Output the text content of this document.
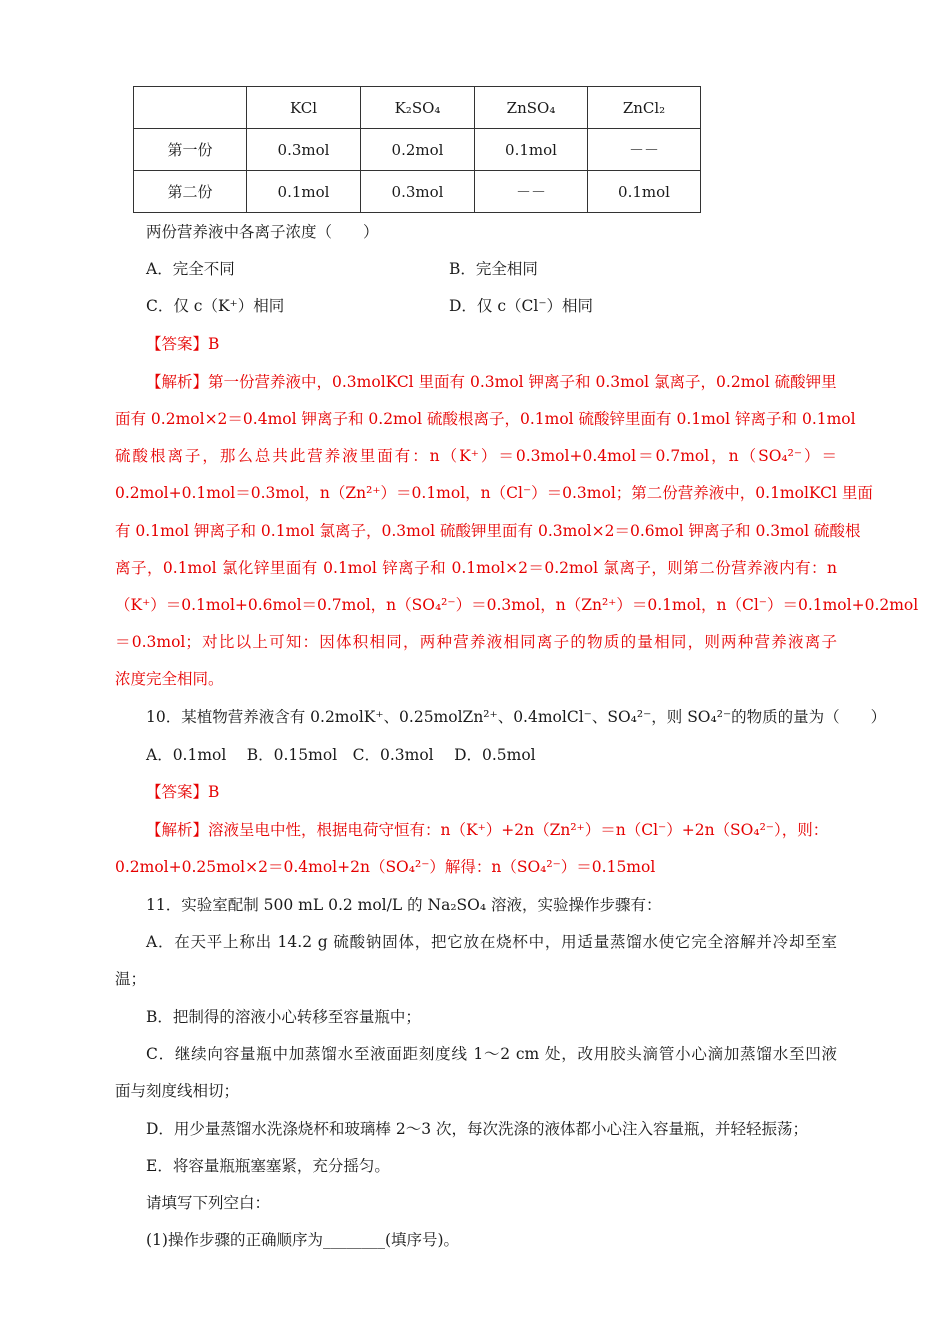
	KCl	K₂SO₄	ZnSO₄	ZnCl₂
第一份	0.3mol	0.2mol	0.1mol	－－
第二份	0.1mol	0.3mol	－－	0.1mol
两份营养液中各离子浓度（　　）
A．完全不同	B．完全相同
C．仅 c（K⁺）相同	D．仅 c（Cl⁻）相同
【答案】B
【解析】第一份营养液中，0.3molKCl 里面有 0.3mol 钾离子和 0.3mol 氯离子，0.2mol 硫酸钾里
面有 0.2mol×2＝0.4mol 钾离子和 0.2mol 硫酸根离子，0.1mol 硫酸锌里面有 0.1mol 锌离子和 0.1mol
硫酸根离子，那么总共此营养液里面有：n（K⁺）＝0.3mol+0.4mol＝0.7mol，n（SO₄²⁻）＝
0.2mol+0.1mol＝0.3mol，n（Zn²⁺）＝0.1mol，n（Cl⁻）＝0.3mol；第二份营养液中，0.1molKCl 里面
有 0.1mol 钾离子和 0.1mol 氯离子，0.3mol 硫酸钾里面有 0.3mol×2＝0.6mol 钾离子和 0.3mol 硫酸根
离子，0.1mol 氯化锌里面有 0.1mol 锌离子和 0.1mol×2＝0.2mol 氯离子，则第二份营养液内有：n
（K⁺）＝0.1mol+0.6mol＝0.7mol，n（SO₄²⁻）＝0.3mol，n（Zn²⁺）＝0.1mol，n（Cl⁻）＝0.1mol+0.2mol
＝0.3mol；对比以上可知：因体积相同，两种营养液相同离子的物质的量相同，则两种营养液离子
浓度完全相同。
10．某植物营养液含有 0.2molK⁺、0.25molZn²⁺、0.4molCl⁻、SO₄²⁻，则 SO₄²⁻的物质的量为（　　）
A．0.1mol　 B．0.15mol　C．0.3mol　 D．0.5mol
【答案】B
【解析】溶液呈电中性，根据电荷守恒有：n（K⁺）+2n（Zn²⁺）＝n（Cl⁻）+2n（SO₄²⁻），则：
0.2mol+0.25mol×2＝0.4mol+2n（SO₄²⁻）解得：n（SO₄²⁻）＝0.15mol
11．实验室配制 500 mL 0.2 mol/L 的 Na₂SO₄ 溶液，实验操作步骤有：
A．在天平上称出 14.2 g 硫酸钠固体，把它放在烧杯中，用适量蒸馏水使它完全溶解并冷却至室
温；
B．把制得的溶液小心转移至容量瓶中；
C．继续向容量瓶中加蒸馏水至液面距刻度线 1～2 cm 处，改用胶头滴管小心滴加蒸馏水至凹液
面与刻度线相切；
D．用少量蒸馏水洗涤烧杯和玻璃棒 2～3 次，每次洗涤的液体都小心注入容量瓶，并轻轻振荡；
E．将容量瓶瓶塞塞紧，充分摇匀。
请填写下列空白：
(1)操作步骤的正确顺序为________(填序号)。
